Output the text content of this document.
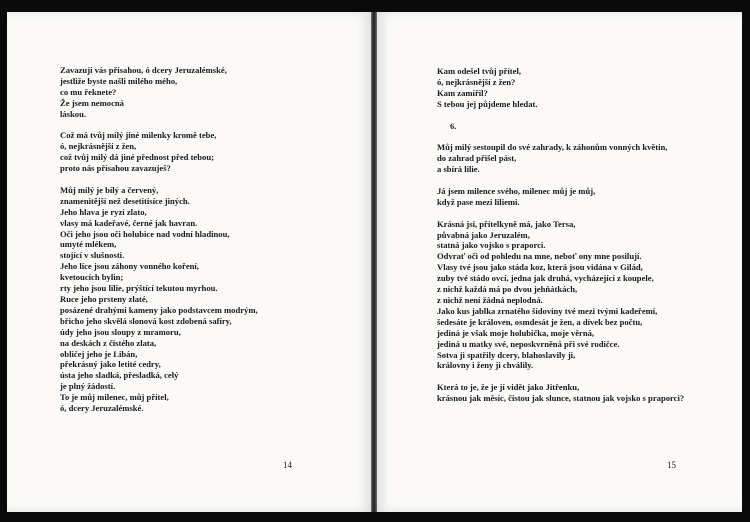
Zavazuji vás přísahou, ó dcery Jeruzalémské,
jestliže byste našli milého mého,
co mu řeknete?
Že jsem nemocná
láskou.
Což má tvůj milý jiné milenky kromě tebe,
ó, nejkrásnější z žen,
což tvůj milý dá jiné přednost před tebou;
proto nás přísahou zavazuješ?
Můj milý je bílý a červený,
znamenitější než desetitisíce jiných.
Jeho hlava je ryzí zlato,
vlasy má kadeřavé, černé jak havran.
Oči jeho jsou oči holubice nad vodní hladinou,
umyté mlékem,
stojící v slušnosti.
Jeho líce jsou záhony vonného koření,
kvetoucích bylin;
rty jeho jsou lilie, prýštící tekutou myrhou.
Ruce jeho prsteny zlaté,
posázené drahými kameny jako podstavcem modrým,
břicho jeho skvělá slonová kost zdobená safíry,
údy jeho jsou sloupy z mramoru,
na deskách z čistého zlata,
obličej jeho je Libán,
překrásný jako letité cedry,
ústa jeho sladká, přesladká, celý
je plný žádostí.
To je můj milenec, můj přítel,
ó, dcery Jeruzalémské.
14
Kam odešel tvůj přítel,
ó, nejkrásnější z žen?
Kam zamířil?
S tebou jej půjdeme hledat.
6.
Můj milý sestoupil do své zahrady, k záhonům vonných květin,
do zahrad přišel pást,
a sbírá lilie.
Já jsem milence svého, milenec můj je můj,
když pase mezi liliemi.
Krásná jsi, přítelkyně má, jako Tersa,
půvabná jako Jeruzalém,
statná jako vojsko s praporci.
Odvrať oči od pohledu na mne, neboť ony mne posilují.
Vlasy tvé jsou jako stáda koz, která jsou vidána v Gilád,
zuby tvé stádo ovcí, jedna jak druhá, vycházející z koupele,
z nichž každá má po dvou jehňátkách,
z nichž není žádná neplodná.
Jako kus jablka zrnatého šídoviny tvé mezi tvými kadeřemi,
šedesáte je královen, osmdesát je žen, a dívek bez počtu,
jediná je však moje holubička, moje věrná,
jediná u matky své, neposkvrněná při své rodičce.
Sotva ji spatřily dcery, blahoslavily ji,
královny i ženy ji chválily.
Která to je, že je jí vidět jako Jitřenku,
krásnou jak měsíc, čistou jak slunce, statnou jak vojsko s praporci?
15
